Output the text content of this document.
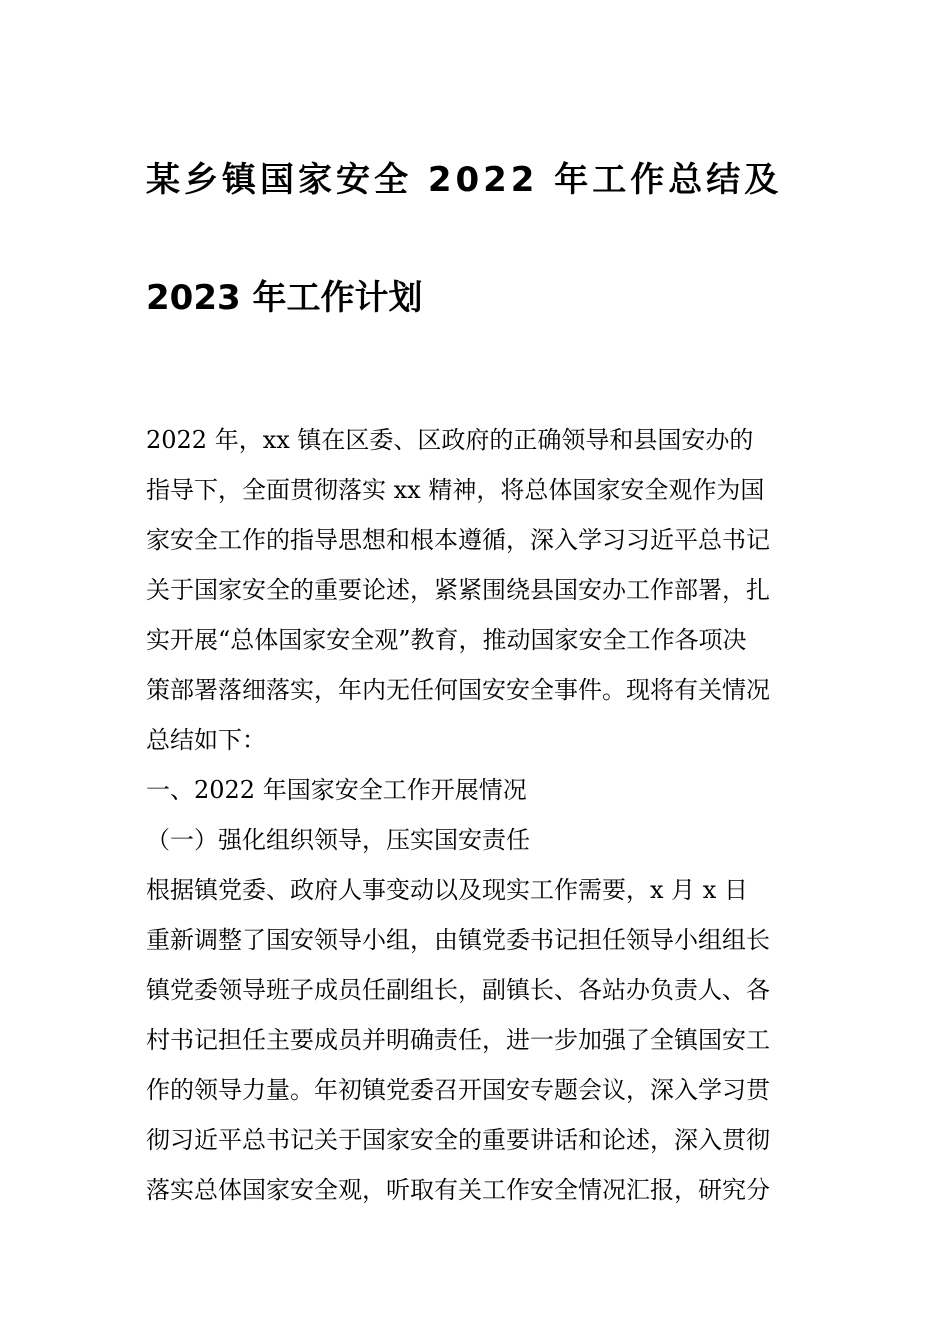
某乡镇国家安全 2022 年工作总结及
2023 年工作计划
2022 年，xx 镇在区委、区政府的正确领导和县国安办的
指导下，全面贯彻落实 xx 精神，将总体国家安全观作为国
家安全工作的指导思想和根本遵循，深入学习习近平总书记
关于国家安全的重要论述，紧紧围绕县国安办工作部署，扎
实开展“总体国家安全观”教育，推动国家安全工作各项决
策部署落细落实，年内无任何国安安全事件。现将有关情况
总结如下：
一、2022 年国家安全工作开展情况
（一）强化组织领导，压实国安责任
根据镇党委、政府人事变动以及现实工作需要，x 月 x 日
重新调整了国安领导小组，由镇党委书记担任领导小组组长
镇党委领导班子成员任副组长，副镇长、各站办负责人、各
村书记担任主要成员并明确责任，进一步加强了全镇国安工
作的领导力量。年初镇党委召开国安专题会议，深入学习贯
彻习近平总书记关于国家安全的重要讲话和论述，深入贯彻
落实总体国家安全观，听取有关工作安全情况汇报，研究分
